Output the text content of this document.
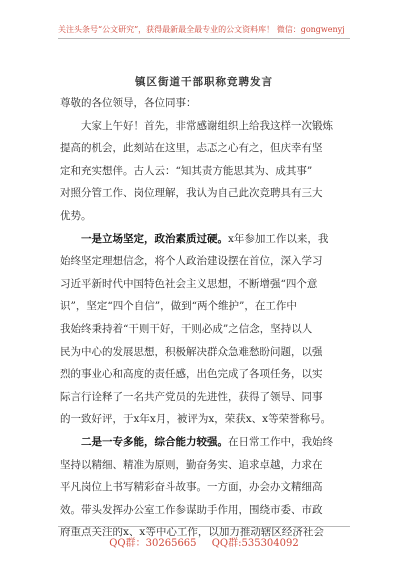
关注头条号“公文研究”，获得最新最全最专业的公文资料库！ 微信：gongwenyj
镇区街道干部职称竞聘发言
尊敬的各位领导，各位同事：
大家上午好！首先，非常感谢组织上给我这样一次锻炼
提高的机会，此刻站在这里，忐忑之心有之，但庆幸有坚
定和充实想伴。古人云：“知其责方能思其为、成其事”
对照分管工作、岗位理解，我认为自己此次竞聘具有三大
优势。
一是立场坚定，政治素质过硬。x年参加工作以来，我
始终坚定理想信念，将个人政治建设摆在首位，深入学习
习近平新时代中国特色社会主义思想，不断增强“四个意
识”，坚定“四个自信”，做到“两个维护”，在工作中
我始终秉持着“干则干好，干则必成”之信念，坚持以人
民为中心的发展思想，积极解决群众急难愁盼问题，以强
烈的事业心和高度的责任感，出色完成了各项任务，以实
际言行诠释了一名共产党员的先进性，获得了领导、同事
的一致好评，于x年x月，被评为x，荣获x、x等荣誉称号。
二是一专多能，综合能力较强。在日常工作中，我始终
坚持以精细、精准为原则，勤奋务实、追求卓越，力求在
平凡岗位上书写精彩奋斗故事。一方面，办会办文精细高
效。带头发挥办公室工作参谋助手作用，围绕市委、市政
府重点关注的x、x等中心工作，以加力推动辖区经济社会
QQ群：30265665 QQ群:535304092
